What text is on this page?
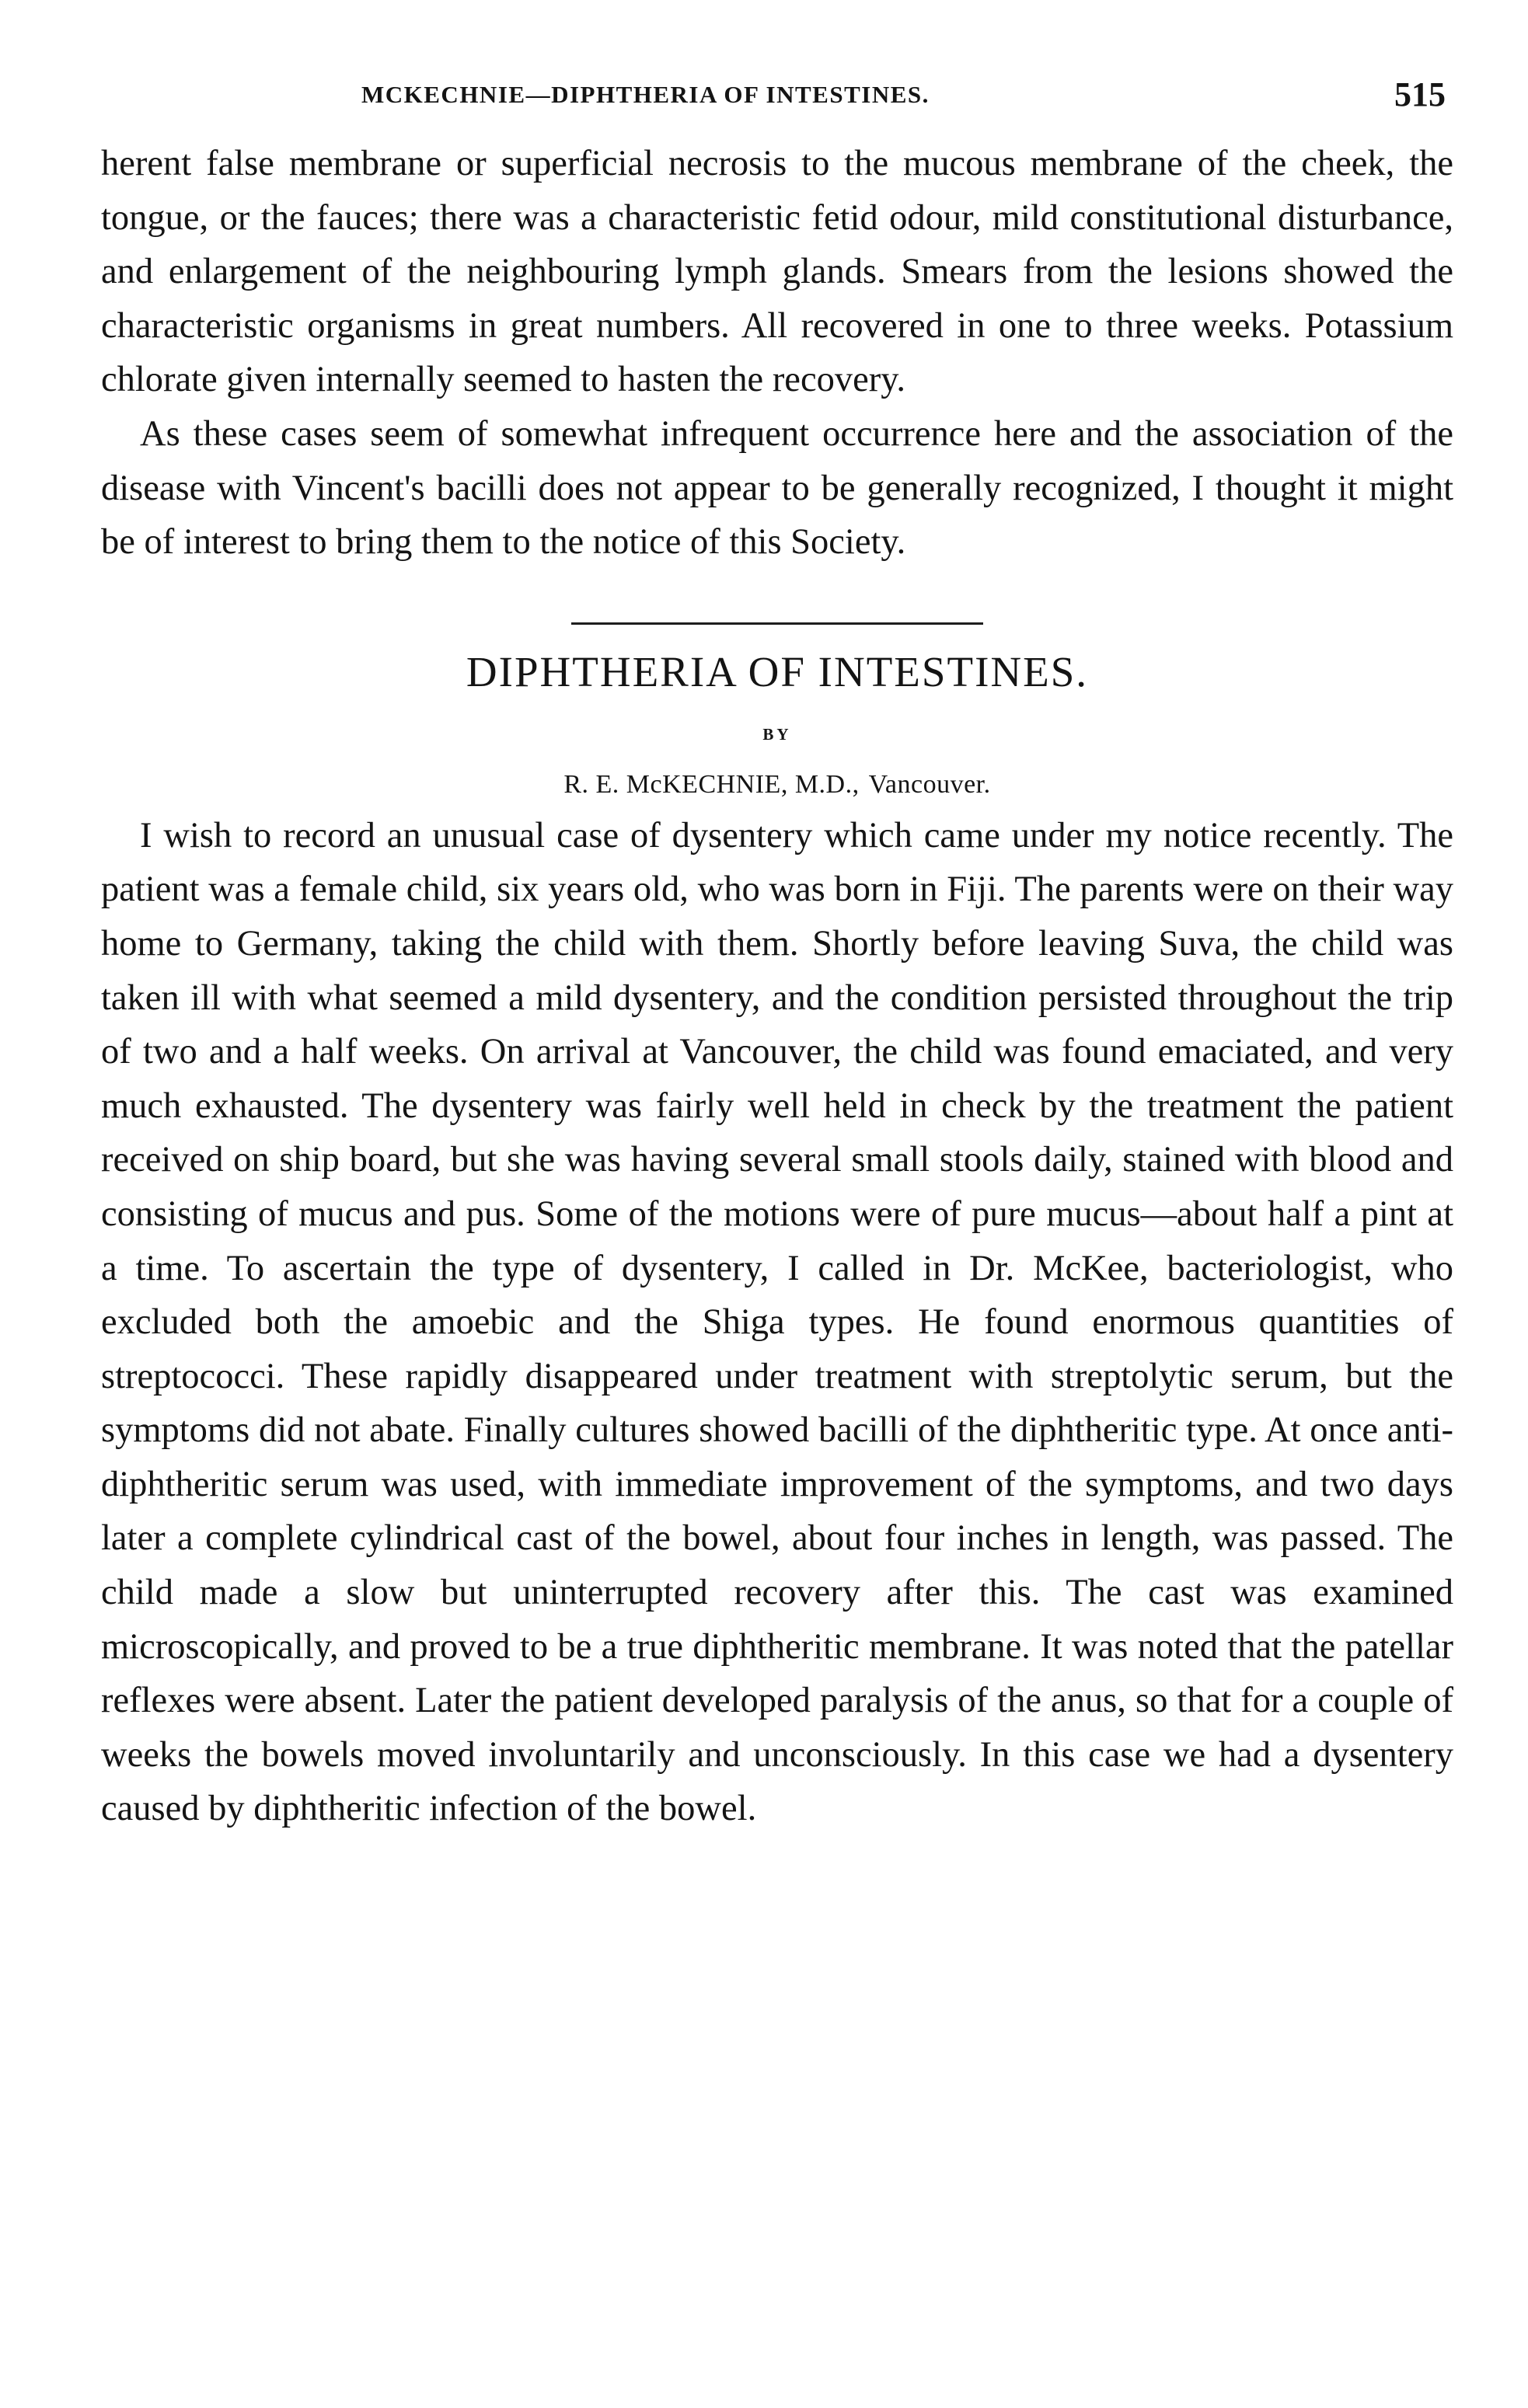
MCKECHNIE—DIPHTHERIA OF INTESTINES.	515

herent false membrane or superficial necrosis to the mucous membrane of the cheek, the tongue, or the fauces; there was a characteristic fetid odour, mild constitutional disturbance, and enlargement of the neighbouring lymph glands. Smears from the lesions showed the characteristic organisms in great numbers. All recovered in one to three weeks. Potassium chlorate given internally seemed to hasten the recovery.

As these cases seem of somewhat infrequent occurrence here and the association of the disease with Vincent's bacilli does not appear to be generally recognized, I thought it might be of interest to bring them to the notice of this Society.

DIPHTHERIA OF INTESTINES.
BY
R. E. McKECHNIE, M.D., Vancouver.

I wish to record an unusual case of dysentery which came under my notice recently. The patient was a female child, six years old, who was born in Fiji. The parents were on their way home to Germany, taking the child with them. Shortly before leaving Suva, the child was taken ill with what seemed a mild dysentery, and the condition persisted throughout the trip of two and a half weeks. On arrival at Vancouver, the child was found emaciated, and very much exhausted. The dysentery was fairly well held in check by the treatment the patient received on ship board, but she was having several small stools daily, stained with blood and consisting of mucus and pus. Some of the motions were of pure mucus—about half a pint at a time. To ascertain the type of dysentery, I called in Dr. McKee, bacteriologist, who excluded both the amoebic and the Shiga types. He found enormous quantities of streptococci. These rapidly disappeared under treatment with streptolytic serum, but the symptoms did not abate. Finally cultures showed bacilli of the diphtheritic type. At once anti-diphtheritic serum was used, with immediate improvement of the symptoms, and two days later a complete cylindrical cast of the bowel, about four inches in length, was passed. The child made a slow but uninterrupted recovery after this. The cast was examined microscopically, and proved to be a true diphtheritic membrane. It was noted that the patellar reflexes were absent. Later the patient developed paralysis of the anus, so that for a couple of weeks the bowels moved involuntarily and unconsciously. In this case we had a dysentery caused by diphtheritic infection of the bowel.
